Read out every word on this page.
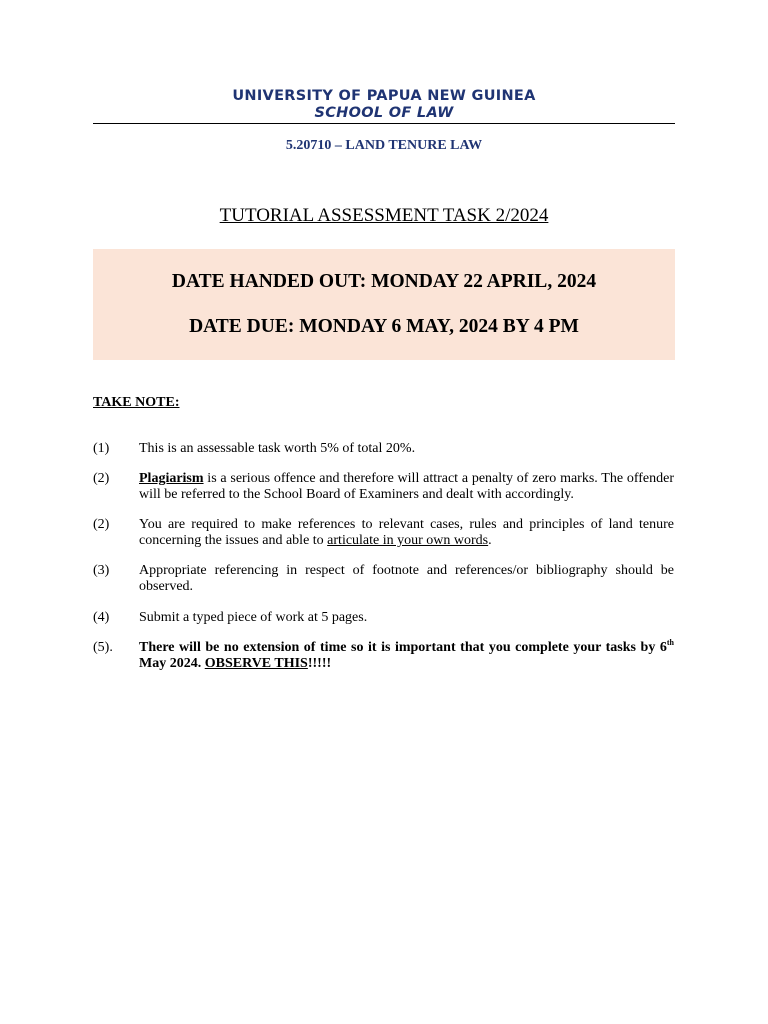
UNIVERSITY OF PAPUA NEW GUINEA
SCHOOL OF LAW
5.20710 – LAND TENURE LAW
TUTORIAL ASSESSMENT TASK 2/2024
DATE HANDED OUT: MONDAY 22 APRIL, 2024
DATE DUE: MONDAY 6 MAY, 2024 BY 4 PM
TAKE NOTE:
(1)	This is an assessable task worth 5% of total 20%.
(2)	Plagiarism is a serious offence and therefore will attract a penalty of zero marks. The offender will be referred to the School Board of Examiners and dealt with accordingly.
(2)	You are required to make references to relevant cases, rules and principles of land tenure concerning the issues and able to articulate in your own words.
(3)	Appropriate referencing in respect of footnote and references/or bibliography should be observed.
(4)	Submit a typed piece of work at 5 pages.
(5).	There will be no extension of time so it is important that you complete your tasks by 6th May 2024. OBSERVE THIS!!!!!
